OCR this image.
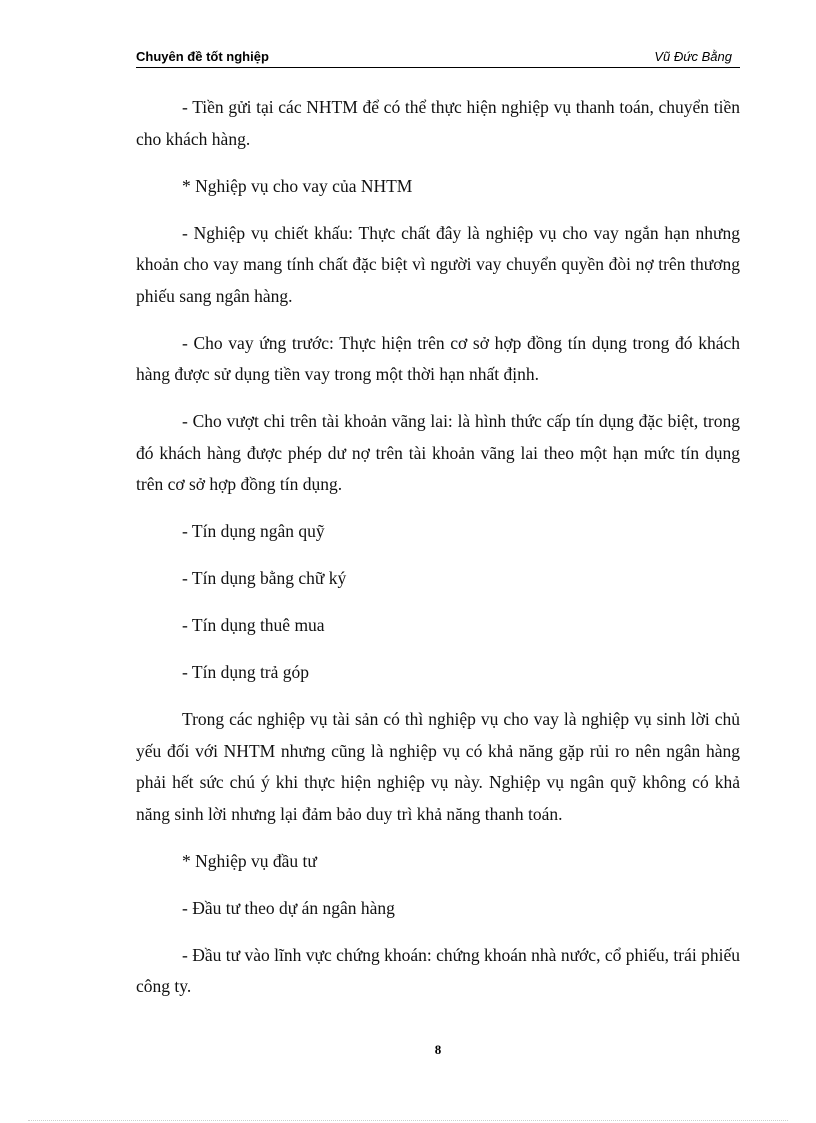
Chuyên đề tốt nghiệp	Vũ Đức Bằng

- Tiền gửi tại các NHTM để có thể thực hiện nghiệp vụ thanh toán, chuyển tiền cho khách hàng.

* Nghiệp vụ cho vay của NHTM

- Nghiệp vụ chiết khấu: Thực chất đây là nghiệp vụ cho vay ngắn hạn nhưng khoản cho vay mang tính chất đặc biệt vì người vay chuyển quyền đòi nợ trên thương phiếu sang ngân hàng.

- Cho vay ứng trước: Thực hiện trên cơ sở hợp đồng tín dụng trong đó khách hàng được sử dụng tiền vay trong một thời hạn nhất định.

- Cho vượt chi trên tài khoản vãng lai: là hình thức cấp tín dụng đặc biệt, trong đó khách hàng được phép dư nợ trên tài khoản vãng lai theo một hạn mức tín dụng trên cơ sở hợp đồng tín dụng.

- Tín dụng ngân quỹ

- Tín dụng bằng chữ ký

- Tín dụng thuê mua

- Tín dụng trả góp

Trong các nghiệp vụ tài sản có thì nghiệp vụ cho vay là nghiệp vụ sinh lời chủ yếu đối với NHTM nhưng cũng là nghiệp vụ có khả năng gặp rủi ro nên ngân hàng phải hết sức chú ý khi thực hiện nghiệp vụ này. Nghiệp vụ ngân quỹ không có khả năng sinh lời nhưng lại đảm bảo duy trì khả năng thanh toán.

* Nghiệp vụ đầu tư

- Đầu tư theo dự án ngân hàng

- Đầu tư vào lĩnh vực chứng khoán: chứng khoán nhà nước, cổ phiếu, trái phiếu công ty.

8
